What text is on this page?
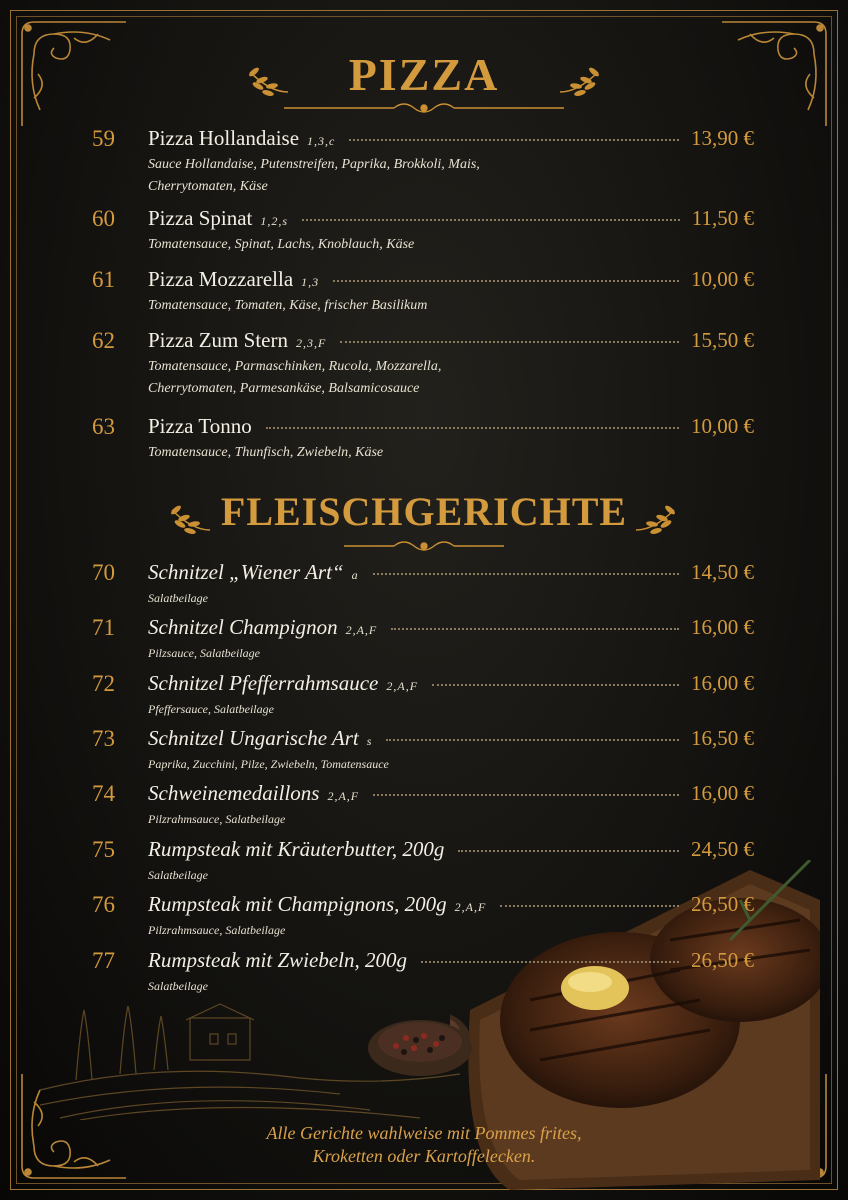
PIZZA
59 Pizza Hollandaise 1,3,c	13,90 €
Sauce Hollandaise, Putenstreifen, Paprika, Brokkoli, Mais,
Cherrytomaten, Käse
60 Pizza Spinat 1,2,s	11,50 €
Tomatensauce, Spinat, Lachs, Knoblauch, Käse
61 Pizza Mozzarella 1,3	10,00 €
Tomatensauce, Tomaten, Käse, frischer Basilikum
62 Pizza Zum Stern 2,3,F	15,50 €
Tomatensauce, Parmaschinken, Rucola, Mozzarella,
Cherrytomaten, Parmesankäse, Balsamicosauce
63 Pizza Tonno	10,00 €
Tomatensauce, Thunfisch, Zwiebeln, Käse
FLEISCHGERICHTE
70 Schnitzel „Wiener Art“ a	14,50 €
Salatbeilage
71 Schnitzel Champignon 2,A,F	16,00 €
Pilzsauce, Salatbeilage
72 Schnitzel Pfefferrahmsauce 2,A,F	16,00 €
Pfeffersauce, Salatbeilage
73 Schnitzel Ungarische Art s	16,50 €
Paprika, Zucchini, Pilze, Zwiebeln, Tomatensauce
74 Schweinemedaillons 2,A,F	16,00 €
Pilzrahmsauce, Salatbeilage
75 Rumpsteak mit Kräuterbutter, 200g	24,50 €
Salatbeilage
76 Rumpsteak mit Champignons, 200g 2,A,F	26,50 €
Pilzrahmsauce, Salatbeilage
77 Rumpsteak mit Zwiebeln, 200g	26,50 €
Salatbeilage
Alle Gerichte wahlweise mit Pommes frites,
Kroketten oder Kartoffelecken.
